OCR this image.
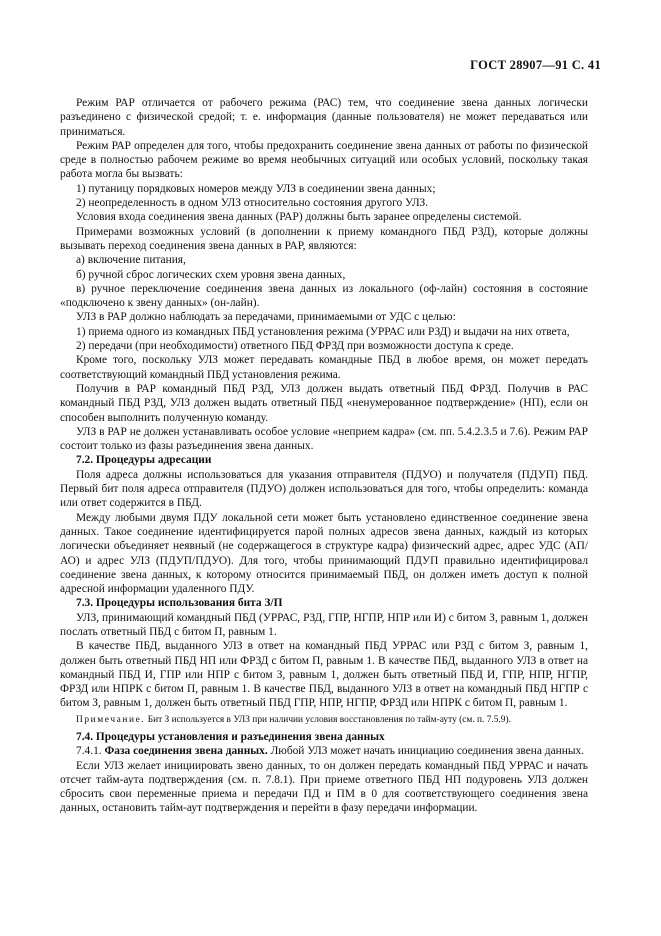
ГОСТ 28907—91 С. 41

Режим РАР отличается от рабочего режима (РАС) тем, что соединение звена данных логически разъединено с физической средой; т. е. информация (данные пользователя) не может передаваться или приниматься.

Режим РАР определен для того, чтобы предохранить соединение звена данных от работы по физической среде в полностью рабочем режиме во время необычных ситуаций или особых условий, поскольку такая работа могла бы вызвать:

1) путаницу порядковых номеров между УЛЗ в соединении звена данных;

2) неопределенность в одном УЛЗ относительно состояния другого УЛЗ.

Условия входа соединения звена данных (РАР) должны быть заранее определены системой.

Примерами возможных условий (в дополнении к приему командного ПБД РЗД), которые должны вызывать переход соединения звена данных в РАР, являются:

а) включение питания,

б) ручной сброс логических схем уровня звена данных,

в) ручное переключение соединения звена данных из локального (оф-лайн) состояния в состояние «подключено к звену данных» (он-лайн).

УЛЗ в РАР должно наблюдать за передачами, принимаемыми от УДС с целью:

1) приема одного из командных ПБД установления режима (УРРАС или РЗД) и выдачи на них ответа,

2) передачи (при необходимости) ответного ПБД ФРЗД при возможности доступа к среде.

Кроме того, поскольку УЛЗ может передавать командные ПБД в любое время, он может передать соответствующий командный ПБД установления режима.

Получив в РАР командный ПБД РЗД, УЛЗ должен выдать ответный ПБД ФРЗД. Получив в РАС командный ПБД РЗД, УЛЗ должен выдать ответный ПБД «ненумерованное подтверждение» (НП), если он способен выполнить полученную команду.

УЛЗ в РАР не должен устанавливать особое условие «неприем кадра» (см. пп. 5.4.2.3.5 и 7.6). Режим РАР состоит только из фазы разъединения звена данных.

7.2. Процедуры адресации

Поля адреса должны использоваться для указания отправителя (ПДУО) и получателя (ПДУП) ПБД. Первый бит поля адреса отправителя (ПДУО) должен использоваться для того, чтобы определить: команда или ответ содержится в ПБД.

Между любыми двумя ПДУ локальной сети может быть установлено единственное соединение звена данных. Такое соединение идентифицируется парой полных адресов звена данных, каждый из которых логически объединяет неявный (не содержащегося в структуре кадра) физический адрес, адрес УДС (АП/АО) и адрес УЛЗ (ПДУП/ПДУО). Для того, чтобы принимающий ПДУП правильно идентифицировал соединение звена данных, к которому относится принимаемый ПБД, он должен иметь доступ к полной адресной информации удаленного ПДУ.

7.3. Процедуры использования бита З/П

УЛЗ, принимающий командный ПБД (УРРАС, РЗД, ГПР, НГПР, НПР или И) с битом З, равным 1, должен послать ответный ПБД с битом П, равным 1.

В качестве ПБД, выданного УЛЗ в ответ на командный ПБД УРРАС или РЗД с битом З, равным 1, должен быть ответный ПБД НП или ФРЗД с битом П, равным 1. В качестве ПБД, выданного УЛЗ в ответ на командный ПБД И, ГПР или НПР с битом З, равным 1, должен быть ответный ПБД И, ГПР, НПР, НГПР, ФРЗД или НПРК с битом П, равным 1. В качестве ПБД, выданного УЛЗ в ответ на командный ПБД НГПР с битом З, равным 1, должен быть ответный ПБД ГПР, НПР, НГПР, ФРЗД или НПРК с битом П, равным 1.

Примечание. Бит З используется в УЛЗ при наличии условия восстановления по тайм-ауту (см. п. 7.5.9).

7.4. Процедуры установления и разъединения звена данных

7.4.1. Фаза соединения звена данных. Любой УЛЗ может начать инициацию соединения звена данных.

Если УЛЗ желает инициировать звено данных, то он должен передать командный ПБД УРРАС и начать отсчет тайм-аута подтверждения (см. п. 7.8.1). При приеме ответного ПБД НП подуровень УЛЗ должен сбросить свои переменные приема и передачи ПД и ПМ в 0 для соответствующего соединения звена данных, остановить тайм-аут подтверждения и перейти в фазу передачи информации.
